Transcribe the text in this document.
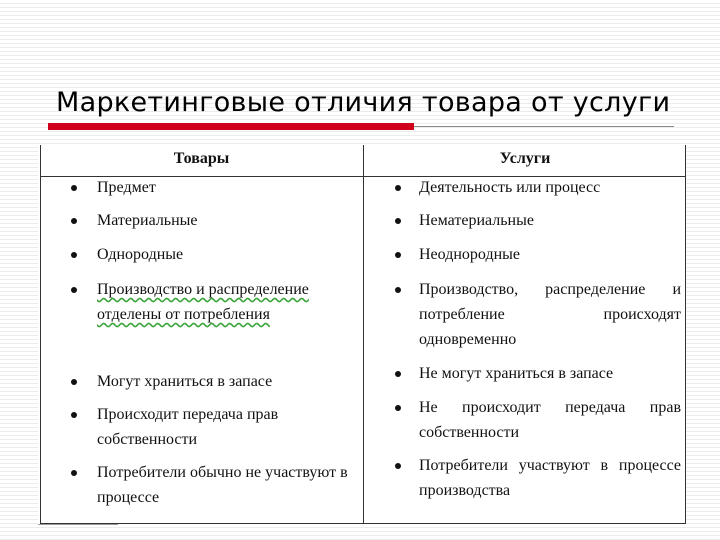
Маркетинговые отличия товара от услуги
Товары	Услуги
Предмет
Материальные
Однородные
Производство и распределение отделены от потребления
Могут храниться в запасе
Происходит передача прав собственности
Потребители обычно не участвуют в процессе
Деятельность или процесс
Нематериальные
Неоднородные
Производство, распределение и потребление происходят одновременно
Не могут храниться в запасе
Не происходит передача прав собственности
Потребители участвуют в процессе производства
